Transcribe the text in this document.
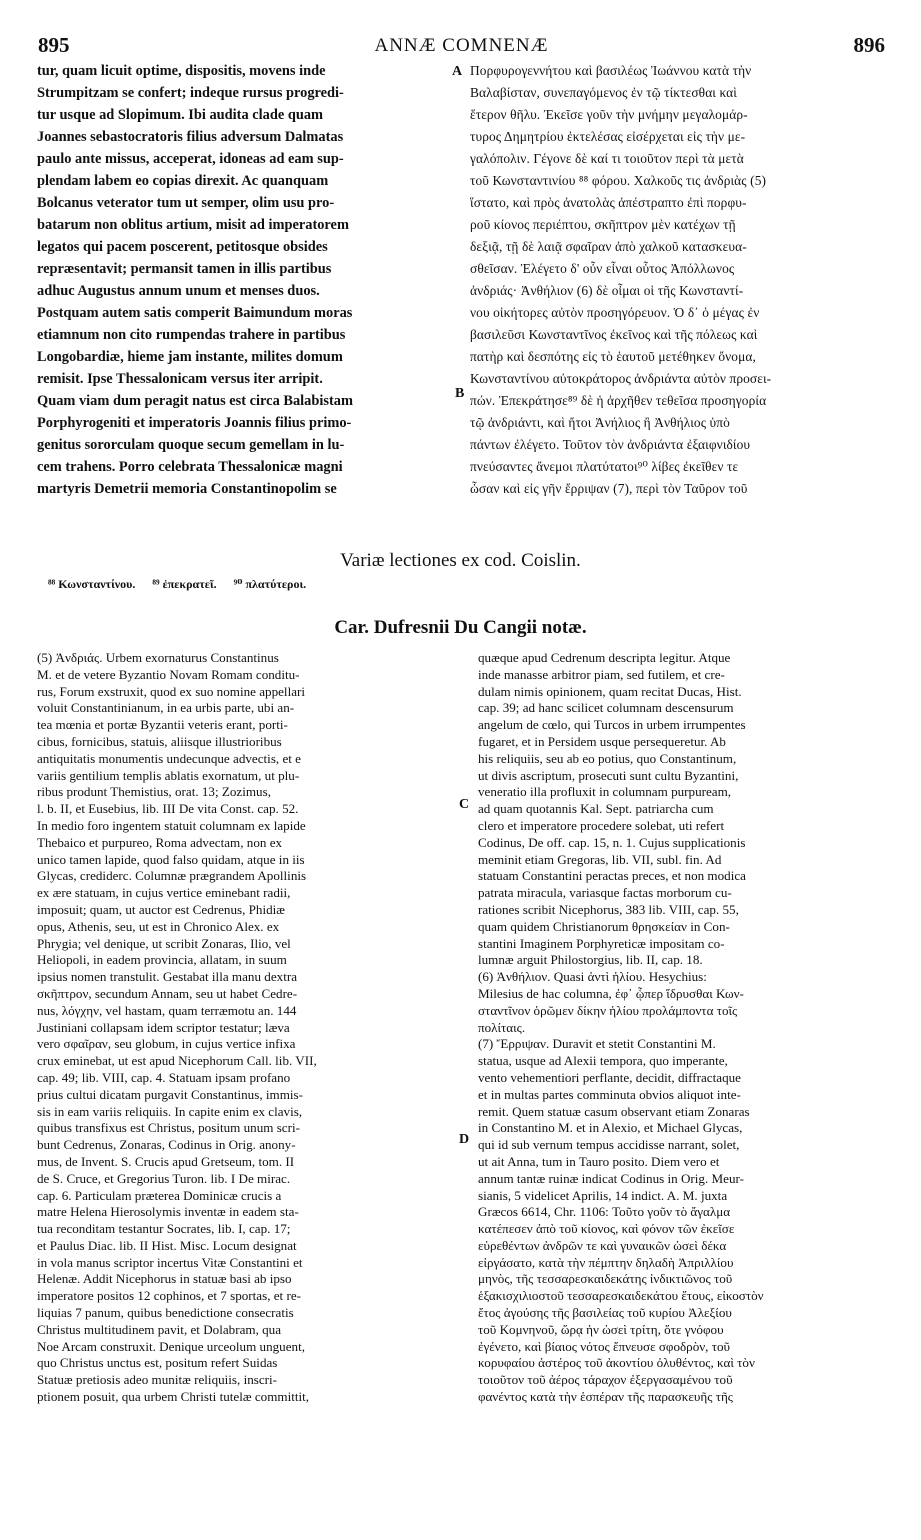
895	ANNÆ COMNENÆ	896
tur, quam licuit optime, dispositis, movens inde
Strumpitzam se confert; indeque rursus progredi-
tur usque ad Slopimum. Ibi audita clade quam
Joannes sebastocratoris filius adversum Dalmatas
paulo ante missus, acceperat, idoneas ad eam sup-
plendam labem eo copias direxit. Ac quanquam
Bolcanus veterator tum ut semper, olim usu pro-
batarum non oblitus artium, misit ad imperatorem
legatos qui pacem poscerent, petitosque obsides
repræsentavit; permansit tamen in illis partibus
adhuc Augustus annum unum et menses duos.
Postquam autem satis comperit Baimundum moras
etiamnum non cito rumpendas trahere in partibus
Longobardiæ, hieme jam instante, milites domum
remisit. Ipse Thessalonicam versus iter arripit.
Quam viam dum peragit natus est circa Balabistam
Porphyrogeniti et imperatoris Joannis filius primo-
genitus sororculam quoque secum gemellam in lu-
cem trahens. Porro celebrata Thessalonicæ magni
martyris Demetrii memoria Constantinopolim se
Πορφυρογεννήτου καὶ βασιλέως Ἰωάννου κατὰ τὴν
Βαλαβίσταν, συνεπαγόμενος ἐν τῷ τίκτεσθαι καὶ
ἕτερον θῆλυ. Ἐκεῖσε γοῦν τὴν μνήμην μεγαλομάρ-
τυρος Δημητρίου ἐκτελέσας εἰσέρχεται εἰς τὴν με-
γαλόπολιν. Γέγονε δὲ καί τι τοιοῦτον περὶ τὰ μετὰ
τοῦ Κωνσταντινίου ⁸⁸ φόρου. Χαλκοῦς τις ἀνδριὰς (5)
ἵστατο, καὶ πρὸς ἀνατολὰς ἀπέστραπτο ἐπὶ πορφυ-
ροῦ κίονος περιέπτου, σκῆπτρον μὲν κατέχων τῇ
δεξιᾷ, τῇ δὲ λαιᾷ σφαῖραν ἀπὸ χαλκοῦ κατασκευα-
σθεῖσαν. Ἐλέγετο δ' οὖν εἶναι οὗτος Ἀπόλλωνος
ἀνδριάς· Ἀνθήλιον (6) δὲ οἶμαι οἱ τῆς Κωνσταντί-
νου οἰκήτορες αὐτὸν προσηγόρευον. Ὁ δ᾽ ὁ μέγας ἐν
βασιλεῦσι Κωνσταντῖνος ἐκεῖνος καὶ τῆς πόλεως καὶ
πατὴρ καὶ δεσπότης εἰς τὸ ἑαυτοῦ μετέθηκεν ὄνομα,
Κωνσταντίνου αὐτοκράτορος ἀνδριάντα αὐτὸν προσει-
πών. Ἐπεκράτησε⁸⁹ δὲ ἡ ἀρχῆθεν τεθεῖσα προσηγορία
τῷ ἀνδριάντι, καὶ ἤτοι Ἀνήλιος ἢ Ἀνθήλιος ὑπὸ
πάντων ἐλέγετο. Τοῦτον τὸν ἀνδριάντα ἐξαιφνιδίου
πνεύσαντες ἄνεμοι πλατύτατοι⁹⁰ λίβες ἐκεῖθεν τε
ὦσαν καὶ εἰς γῆν ἔρριψαν (7), περὶ τὸν Ταῦρον τοῦ
A
B
C
D
Variæ lectiones ex cod. Coislin.
⁸⁸ Κωνσταντίνου. ⁸⁹ ἐπεκρατεῖ. ⁹⁰ πλατύτεροι.
Car. Dufresnii Du Cangii notæ.
(5) Ἀνδριάς. Urbem exornaturus Constantinus
M. et de vetere Byzantio Novam Romam conditu-
rus, Forum exstruxit, quod ex suo nomine appellari
voluit Constantinianum, in ea urbis parte, ubi an-
tea mœnia et portæ Byzantii veteris erant, porti-
cibus, fornicibus, statuis, aliisque illustrioribus
antiquitatis monumentis undecunque advectis, et e
variis gentilium templis ablatis exornatum, ut plu-
ribus produnt Themistius, orat. 13; Zozimus,
l. b. II, et Eusebius, lib. III De vita Const. cap. 52.
In medio foro ingentem statuit columnam ex lapide
Thebaico et purpureo, Roma advectam, non ex
unico tamen lapide, quod falso quidam, atque in iis
Glycas, crediderc. Columnæ prægrandem Apollinis
ex ære statuam, in cujus vertice eminebant radii,
imposuit; quam, ut auctor est Cedrenus, Phidiæ
opus, Athenis, seu, ut est in Chronico Alex. ex
Phrygia; vel denique, ut scribit Zonaras, Ilio, vel
Heliopoli, in eadem provincia, allatam, in suum
ipsius nomen transtulit. Gestabat illa manu dextra
σκῆπτρον, secundum Annam, seu ut habet Cedre-
nus, λόγχην, vel hastam, quam terræmotu an. 144
Justiniani collapsam idem scriptor testatur; læva
vero σφαῖραν, seu globum, in cujus vertice infixa
crux eminebat, ut est apud Nicephorum Call. lib. VII,
cap. 49; lib. VIII, cap. 4. Statuam ipsam profano
prius cultui dicatam purgavit Constantinus, immis-
sis in eam variis reliquiis. In capite enim ex clavis,
quibus transfixus est Christus, positum unum scri-
bunt Cedrenus, Zonaras, Codinus in Orig. anony-
mus, de Invent. S. Crucis apud Gretseum, tom. II
de S. Cruce, et Gregorius Turon. lib. I De mirac.
cap. 6. Particulam præterea Dominicæ crucis a
matre Helena Hierosolymis inventæ in eadem sta-
tua reconditam testantur Socrates, lib. I, cap. 17;
et Paulus Diac. lib. II Hist. Misc. Locum designat
in vola manus scriptor incertus Vitæ Constantini et
Helenæ. Addit Nicephorus in statuæ basi ab ipso
imperatore positos 12 cophinos, et 7 sportas, et re-
liquias 7 panum, quibus benedictione consecratis
Christus multitudinem pavit, et Dolabram, qua
Noe Arcam construxit. Denique urceolum unguent,
quo Christus unctus est, positum refert Suidas
Statuæ pretiosis adeo munitæ reliquiis, inscri-
ptionem posuit, qua urbem Christi tutelæ committit,
quæque apud Cedrenum descripta legitur. Atque
inde manasse arbitror piam, sed futilem, et cre-
dulam nimis opinionem, quam recitat Ducas, Hist.
cap. 39; ad hanc scilicet columnam descensurum
angelum de cœlo, qui Turcos in urbem irrumpentes
fugaret, et in Persidem usque persequeretur. Ab
his reliquiis, seu ab eo potius, quo Constantinum,
ut divis ascriptum, prosecuti sunt cultu Byzantini,
veneratio illa profluxit in columnam purpuream,
ad quam quotannis Kal. Sept. patriarcha cum
clero et imperatore procedere solebat, uti refert
Codinus, De off. cap. 15, n. 1. Cujus supplicationis
meminit etiam Gregoras, lib. VII, subl. fin. Ad
statuam Constantini peractas preces, et non modica
patrata miracula, variasque factas morborum cu-
rationes scribit Nicephorus, 383 lib. VIII, cap. 55,
quam quidem Christianorum θρησκείαν in Con-
stantini Imaginem Porphyreticæ impositam co-
lumnæ arguit Philostorgius, lib. II, cap. 18.
(6) Ἀνθήλιον. Quasi ἀντὶ ἡλίου. Hesychius:
Milesius de hac columna, ἐφ᾽ ᾧπερ ἵδρυσθαι Κων-
σταντῖνον ὁρῶμεν δίκην ἡλίου προλάμποντα τοῖς
πολίταις.
(7) Ἔρριψαν. Duravit et stetit Constantini M.
statua, usque ad Alexii tempora, quo imperante,
vento vehementiori perflante, decidit, diffractaque
et in multas partes comminuta obvios aliquot inte-
remit. Quem statuæ casum observant etiam Zonaras
in Constantino M. et in Alexio, et Michael Glycas,
qui id sub vernum tempus accidisse narrant, solet,
ut ait Anna, tum in Tauro posito. Diem vero et
annum tantæ ruinæ indicat Codinus in Orig. Meur-
sianis, 5 videlicet Aprilis, 14 indict. A. M. juxta
Græcos 6614, Chr. 1106: Τοῦτο γοῦν τὸ ἄγαλμα
κατέπεσεν ἀπὸ τοῦ κίονος, καὶ φόνον τῶν ἐκεῖσε
εὑρεθέντων ἀνδρῶν τε καὶ γυναικῶν ὡσεὶ δέκα
εἰργάσατο, κατὰ τὴν πέμπτην δηλαδὴ Ἀπριλλίου
μηνὸς, τῆς τεσσαρεσκαιδεκάτης ἰνδικτιῶνος τοῦ
ἑξακισχιλιοστοῦ τεσσαρεσκαιδεκάτου ἔτους, εἰκοστὸν
ἔτος ἀγούσης τῆς βασιλείας τοῦ κυρίου Ἀλεξίου
τοῦ Κομνηνοῦ, ὥρᾳ ἡν ὡσεὶ τρίτη, ὅτε γνόφου
ἐγένετο, καὶ βίαιος νότος ἔπνευσε σφοδρὸν, τοῦ
κορυφαίου ἀστέρος τοῦ ἀκοντίου ὀλυθέντος, καὶ τὸν
τοιοῦτον τοῦ ἀέρος τάραχον ἐξεργασαμένου τοῦ
φανέντος κατὰ τὴν ἑσπέραν τῆς παρασκευῆς τῆς
